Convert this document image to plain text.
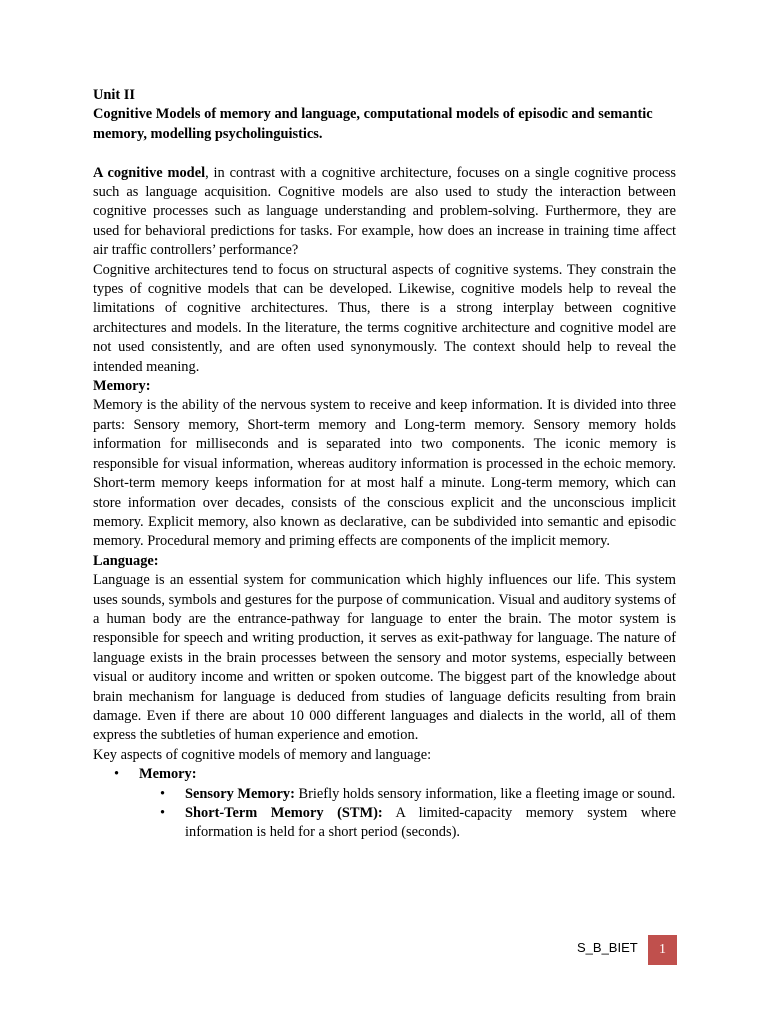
Unit II

Cognitive Models of memory and language, computational models of episodic and semantic memory, modelling psycholinguistics.

A cognitive model, in contrast with a cognitive architecture, focuses on a single cognitive process such as language acquisition. Cognitive models are also used to study the interaction between cognitive processes such as language understanding and problem-solving. Furthermore, they are used for behavioral predictions for tasks. For example, how does an increase in training time affect air traffic controllers’ performance?

Cognitive architectures tend to focus on structural aspects of cognitive systems. They constrain the types of cognitive models that can be developed. Likewise, cognitive models help to reveal the limitations of cognitive architectures. Thus, there is a strong interplay between cognitive architectures and models. In the literature, the terms cognitive architecture and cognitive model are not used consistently, and are often used synonymously. The context should help to reveal the intended meaning.

Memory:

Memory is the ability of the nervous system to receive and keep information. It is divided into three parts: Sensory memory, Short-term memory and Long-term memory. Sensory memory holds information for milliseconds and is separated into two components. The iconic memory is responsible for visual information, whereas auditory information is processed in the echoic memory. Short-term memory keeps information for at most half a minute. Long-term memory, which can store information over decades, consists of the conscious explicit and the unconscious implicit memory. Explicit memory, also known as declarative, can be subdivided into semantic and episodic memory. Procedural memory and priming effects are components of the implicit memory.

Language:

Language is an essential system for communication which highly influences our life. This system uses sounds, symbols and gestures for the purpose of communication. Visual and auditory systems of a human body are the entrance-pathway for language to enter the brain. The motor system is responsible for speech and writing production, it serves as exit-pathway for language. The nature of language exists in the brain processes between the sensory and motor systems, especially between visual or auditory income and written or spoken outcome. The biggest part of the knowledge about brain mechanism for language is deduced from studies of language deficits resulting from brain damage. Even if there are about 10 000 different languages and dialects in the world, all of them express the subtleties of human experience and emotion.

Key aspects of cognitive models of memory and language:

• Memory:
• Sensory Memory: Briefly holds sensory information, like a fleeting image or sound.
• Short-Term Memory (STM): A limited-capacity memory system where information is held for a short period (seconds).
S_B_BIET	1
